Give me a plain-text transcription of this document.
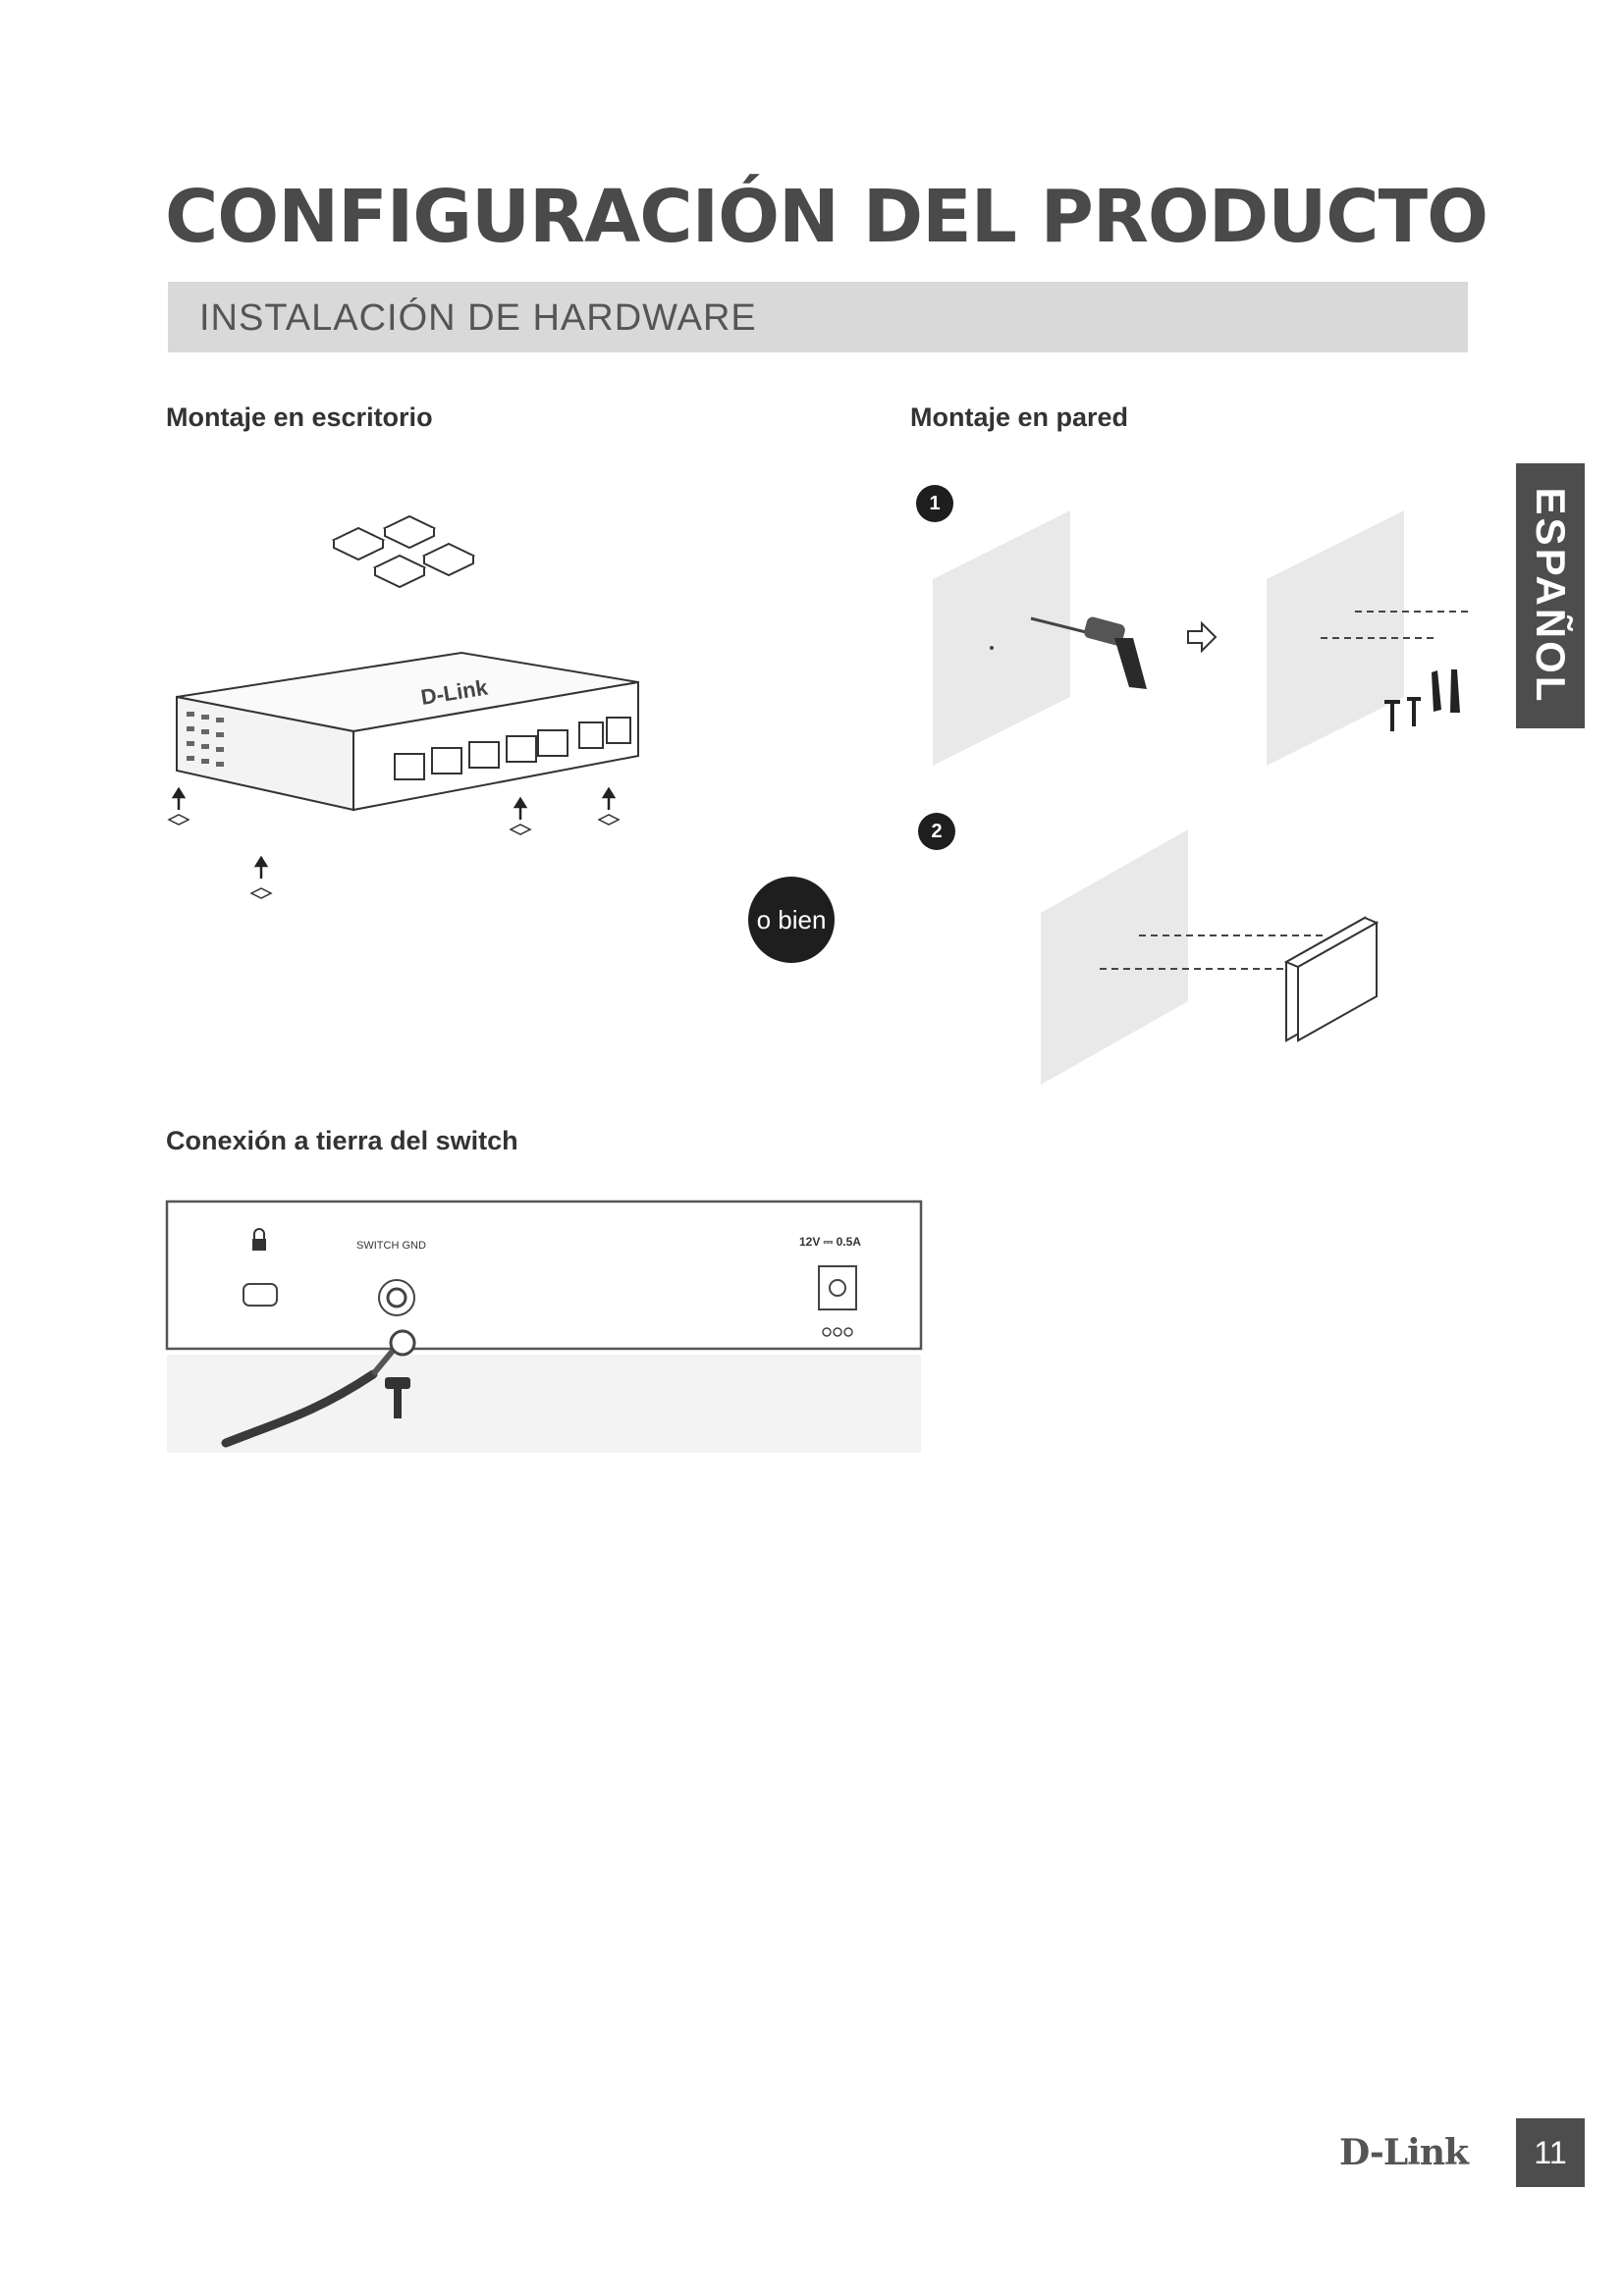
CONFIGURACIÓN DEL PRODUCTO
INSTALACIÓN DE HARDWARE
Montaje en escritorio	Montaje en pared
ESPAÑOL
D-Link
o bien
1
2
Conexión a tierra del switch
SWITCH GND	12V ⎓ 0.5A
D-Link	11
